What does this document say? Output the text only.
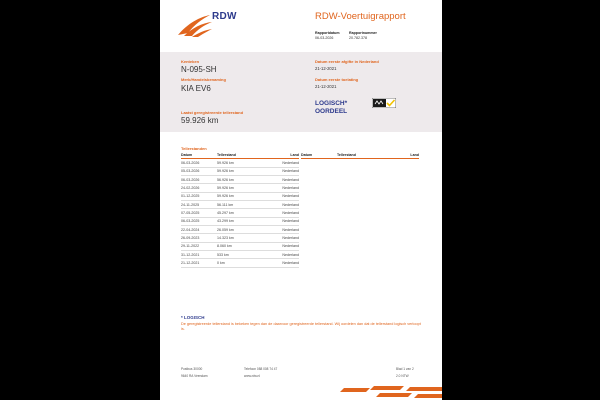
RDW	RDW-Voertuigrapport
Rapportdatum
06-03-2026
Rapportnummer
20.782.378
Kenteken
N-095-SH
Merk/Handelsbenaming
KIA EV6
Laatst geregistreerde tellerstand
59.926 km
Datum eerste afgifte in Nederland
21-12-2021
Datum eerste toelating
21-12-2021
LOGISCH*
OORDEEL
Tellerstanden
Datum	Tellerstand	Land
06-03-2026	59.926 km	Nederland
05-03-2026	59.926 km	Nederland
06-03-2026	56.926 km	Nederland
24-02-2026	59.926 km	Nederland
01-12-2025	59.926 km	Nederland
24-11-2025	56.111 km	Nederland
07-05-2025	45.297 km	Nederland
06-03-2025	43.299 km	Nederland
22-04-2024	26.059 km	Nederland
26-09-2023	14.323 km	Nederland
29-11-2022	8.060 km	Nederland
31-12-2021	533 km	Nederland
21-12-2021	0 km	Nederland
Datum	Tellerstand	Land
* LOGISCH
De geregistreerde tellerstand is bekeken tegen dan de daarvoor geregistreerde tellerstand. Wij oordelen dan dat de tellerstand logisch verloopt is.
Postbus 30000
9640 RA Veendam
Telefoon 088 008 74 47
www.rdw.nl
Blad 1 van 2
2.0 NTW
